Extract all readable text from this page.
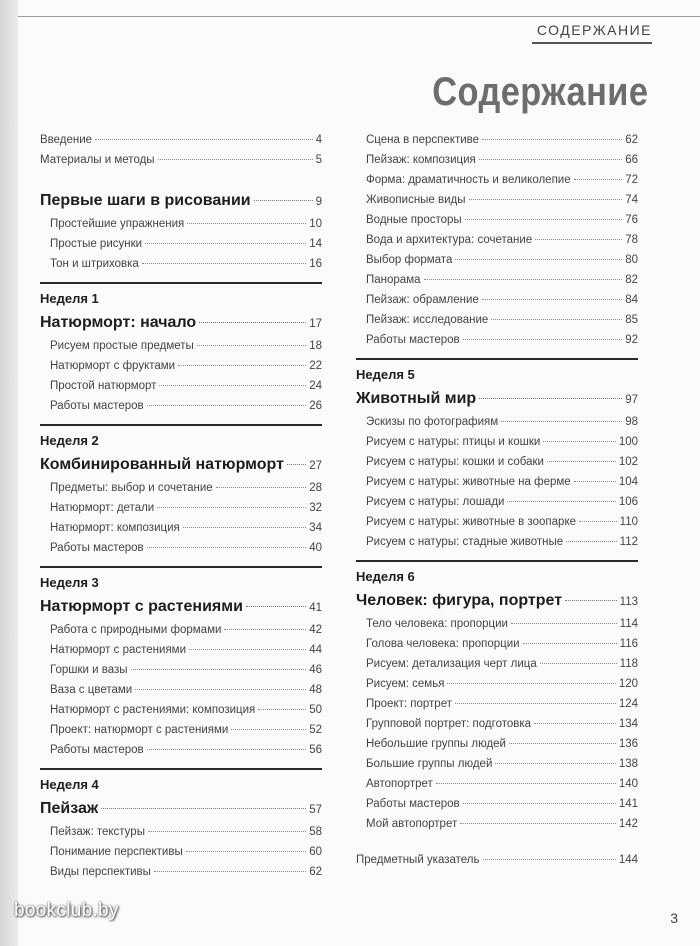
СОДЕРЖАНИЕ
Содержание
Введение	4
Материалы и методы	5
Первые шаги в рисовании	9
Простейшие упражнения	10
Простые рисунки	14
Тон и штриховка	16
Неделя 1
Натюрморт: начало	17
Рисуем простые предметы	18
Натюрморт с фруктами	22
Простой натюрморт	24
Работы мастеров	26
Неделя 2
Комбинированный натюрморт 27
Предметы: выбор и сочетание	28
Натюрморт: детали	32
Натюрморт: композиция	34
Работы мастеров	40
Неделя 3
Натюрморт с растениями	41
Работа с природными формами	42
Натюрморт с растениями	44
Горшки и вазы	46
Ваза с цветами	48
Натюрморт с растениями: композиция	50
Проект: натюрморт с растениями	52
Работы мастеров	56
Неделя 4
Пейзаж	57
Пейзаж: текстуры	58
Понимание перспективы	60
Виды перспективы	62
Сцена в перспективе	62
Пейзаж: композиция	66
Форма: драматичность и великолепие	72
Живописные виды	74
Водные просторы	76
Вода и архитектура: сочетание	78
Выбор формата	80
Панорама	82
Пейзаж: обрамление	84
Пейзаж: исследование	85
Работы мастеров	92
Неделя 5
Животный мир	97
Эскизы по фотографиям	98
Рисуем с натуры: птицы и кошки	100
Рисуем с натуры: кошки и собаки	102
Рисуем с натуры: животные на ферме	104
Рисуем с натуры: лошади	106
Рисуем с натуры: животные в зоопарке	110
Рисуем с натуры: стадные животные	112
Неделя 6
Человек: фигура, портрет	113
Тело человека: пропорции	114
Голова человека: пропорции	116
Рисуем: детализация черт лица	118
Рисуем: семья	120
Проект: портрет	124
Групповой портрет: подготовка	134
Небольшие группы людей	136
Большие группы людей	138
Автопортрет	140
Работы мастеров	141
Мой автопортрет	142
Предметный указатель	144
bookclub.by	3
